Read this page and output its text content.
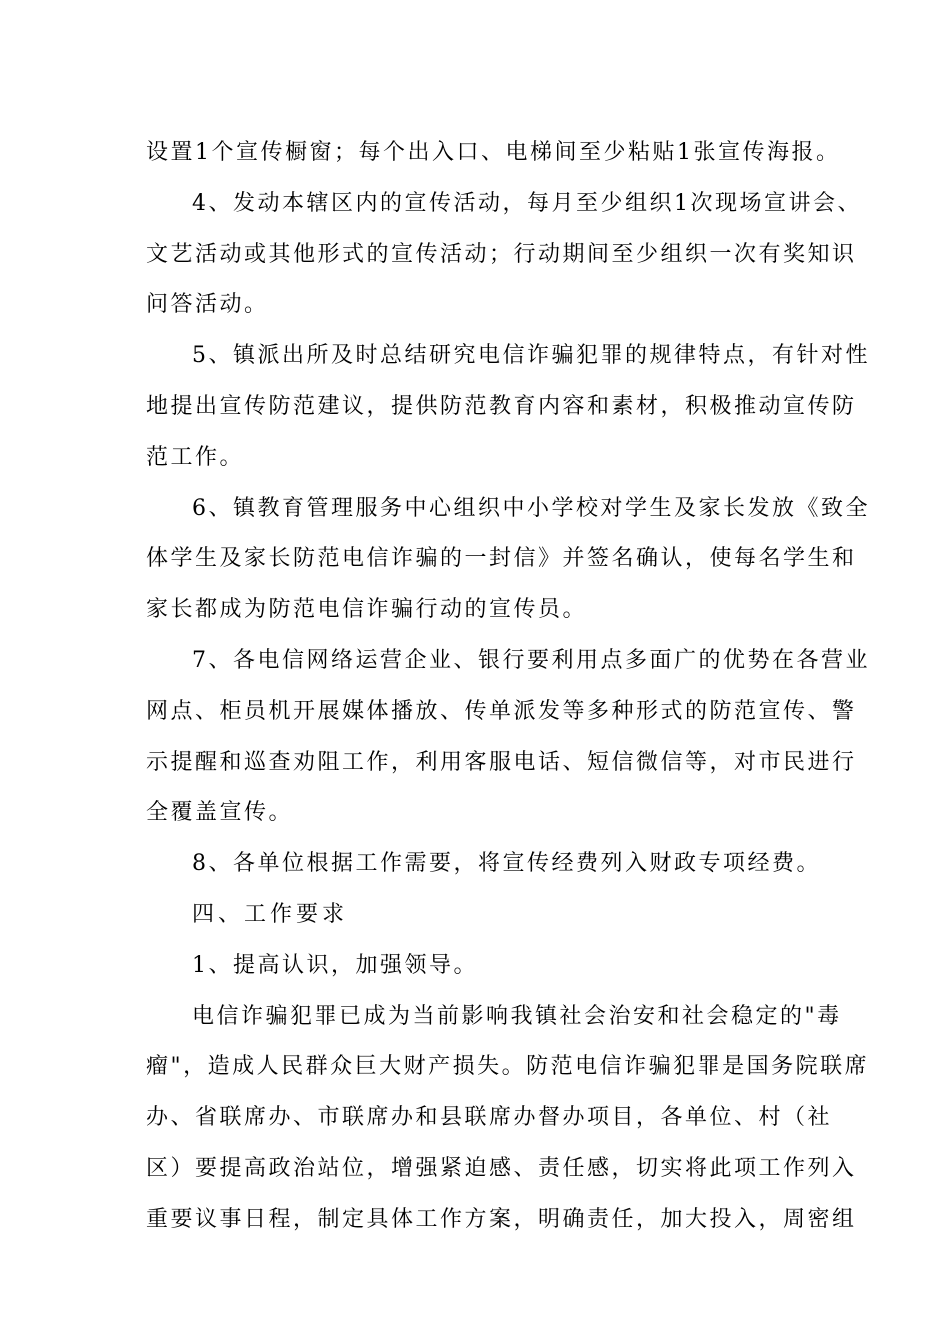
设置1个宣传橱窗；每个出入口、电梯间至少粘贴1张宣传海报。
4、发动本辖区内的宣传活动，每月至少组织1次现场宣讲会、
文艺活动或其他形式的宣传活动；行动期间至少组织一次有奖知识
问答活动。
5、镇派出所及时总结研究电信诈骗犯罪的规律特点，有针对性
地提出宣传防范建议，提供防范教育内容和素材，积极推动宣传防
范工作。
6、镇教育管理服务中心组织中小学校对学生及家长发放《致全
体学生及家长防范电信诈骗的一封信》并签名确认，使每名学生和
家长都成为防范电信诈骗行动的宣传员。
7、各电信网络运营企业、银行要利用点多面广的优势在各营业
网点、柜员机开展媒体播放、传单派发等多种形式的防范宣传、警
示提醒和巡查劝阻工作，利用客服电话、短信微信等，对市民进行
全覆盖宣传。
8、各单位根据工作需要，将宣传经费列入财政专项经费。
四、工作要求
1、提高认识，加强领导。
电信诈骗犯罪已成为当前影响我镇社会治安和社会稳定的"毒
瘤"，造成人民群众巨大财产损失。防范电信诈骗犯罪是国务院联席
办、省联席办、市联席办和县联席办督办项目，各单位、村（社
区）要提高政治站位，增强紧迫感、责任感，切实将此项工作列入
重要议事日程，制定具体工作方案，明确责任，加大投入，周密组
